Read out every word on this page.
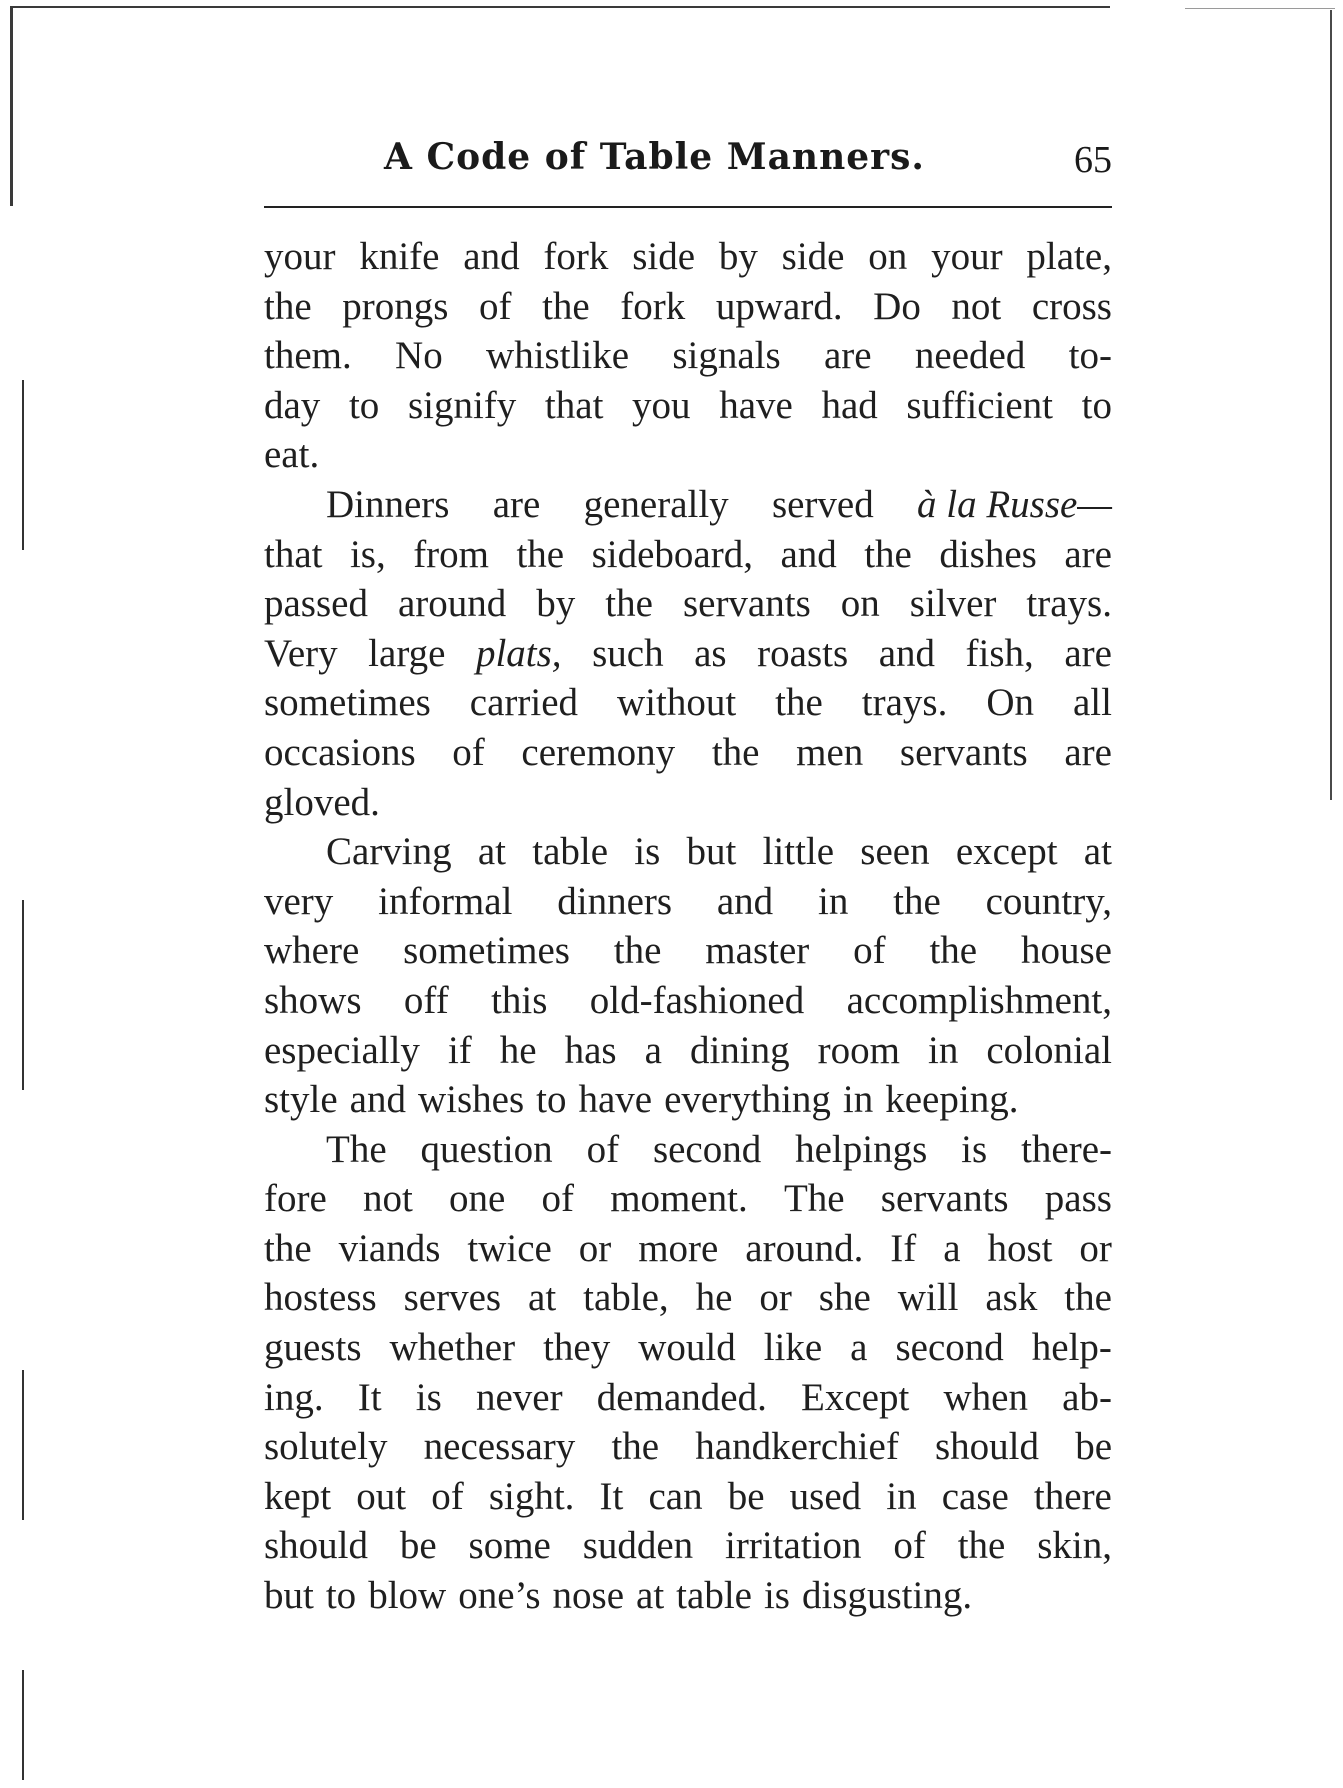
A Code of Table Manners.	65
your knife and fork side by side on your plate,
the prongs of the fork upward. Do not cross
them. No whistlike signals are needed to-
day to signify that you have had sufficient to
eat.
Dinners are generally served à la Russe—
that is, from the sideboard, and the dishes are
passed around by the servants on silver trays.
Very large plats, such as roasts and fish, are
sometimes carried without the trays. On all
occasions of ceremony the men servants are
gloved.
Carving at table is but little seen except at
very informal dinners and in the country,
where sometimes the master of the house
shows off this old-fashioned accomplishment,
especially if he has a dining room in colonial
style and wishes to have everything in keeping.
The question of second helpings is there-
fore not one of moment. The servants pass
the viands twice or more around. If a host or
hostess serves at table, he or she will ask the
guests whether they would like a second help-
ing. It is never demanded. Except when ab-
solutely necessary the handkerchief should be
kept out of sight. It can be used in case there
should be some sudden irritation of the skin,
but to blow one’s nose at table is disgusting.
